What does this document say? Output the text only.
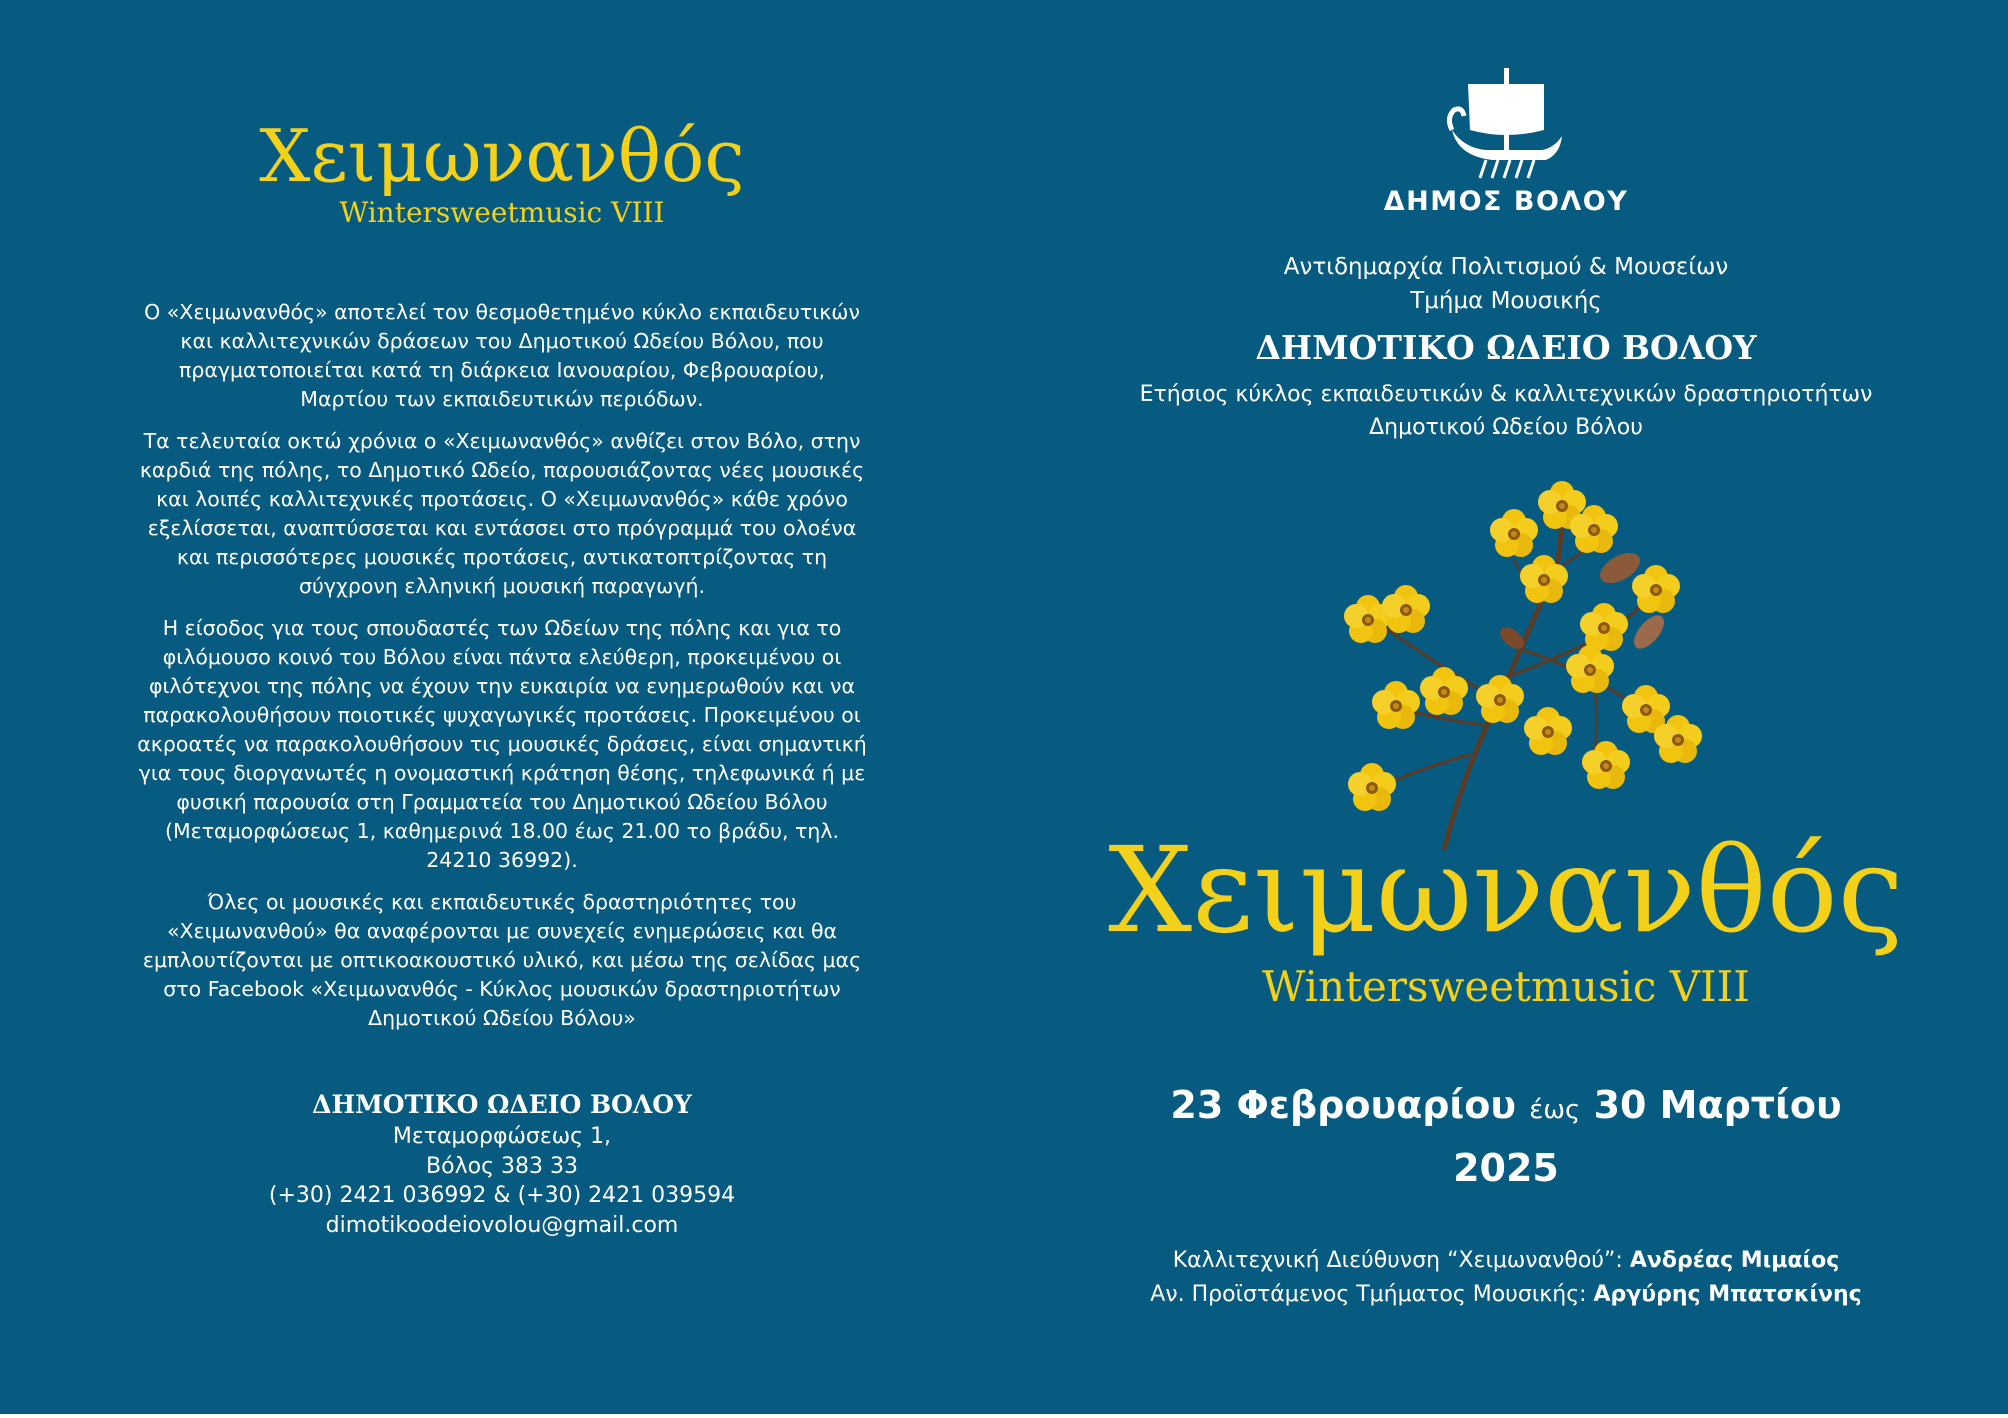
Χειμωνανθός
Wintersweetmusic VIII

Ο «Χειμωνανθός» αποτελεί τον θεσμοθετημένο κύκλο εκπαιδευτικών και καλλιτεχνικών δράσεων του Δημοτικού Ωδείου Βόλου, που πραγματοποιείται κατά τη διάρκεια Ιανουαρίου, Φεβρουαρίου, Μαρτίου των εκπαιδευτικών περιόδων.

Τα τελευταία οκτώ χρόνια ο «Χειμωνανθός» ανθίζει στον Βόλο, στην καρδιά της πόλης, το Δημοτικό Ωδείο, παρουσιάζοντας νέες μουσικές και λοιπές καλλιτεχνικές προτάσεις. Ο «Χειμωνανθός» κάθε χρόνο εξελίσσεται, αναπτύσσεται και εντάσσει στο πρόγραμμά του ολοένα και περισσότερες μουσικές προτάσεις, αντικατοπτρίζοντας τη σύγχρονη ελληνική μουσική παραγωγή.

Η είσοδος για τους σπουδαστές των Ωδείων της πόλης και για το φιλόμουσο κοινό του Βόλου είναι πάντα ελεύθερη, προκειμένου οι φιλότεχνοι της πόλης να έχουν την ευκαιρία να ενημερωθούν και να παρακολουθήσουν ποιοτικές ψυχαγωγικές προτάσεις. Προκειμένου οι ακροατές να παρακολουθήσουν τις μουσικές δράσεις, είναι σημαντική για τους διοργανωτές η ονομαστική κράτηση θέσης, τηλεφωνικά ή με φυσική παρουσία στη Γραμματεία του Δημοτικού Ωδείου Βόλου (Μεταμορφώσεως 1, καθημερινά 18.00 έως 21.00 το βράδυ, τηλ. 24210 36992).

Όλες οι μουσικές και εκπαιδευτικές δραστηριότητες του «Χειμωνανθού» θα αναφέρονται με συνεχείς ενημερώσεις και θα εμπλουτίζονται με οπτικοακουστικό υλικό, και μέσω της σελίδας μας στο Facebook «Χειμωνανθός - Κύκλος μουσικών δραστηριοτήτων Δημοτικού Ωδείου Βόλου»

ΔΗΜΟΤΙΚΟ ΩΔΕΙΟ ΒΟΛΟΥ
Μεταμορφώσεως 1,
Βόλος 383 33
(+30) 2421 036992 & (+30) 2421 039594
dimotikoodeiovolou@gmail.com
ΔΗΜΟΣ ΒΟΛΟΥ
Αντιδημαρχία Πολιτισμού & Μουσείων
Τμήμα Μουσικής
ΔΗΜΟΤΙΚΟ ΩΔΕΙΟ ΒΟΛΟΥ
Ετήσιος κύκλος εκπαιδευτικών & καλλιτεχνικών δραστηριοτήτων
Δημοτικού Ωδείου Βόλου
Χειμωνανθός
Wintersweetmusic VIII
23 Φεβρουαρίου έως 30 Μαρτίου
2025
Καλλιτεχνική Διεύθυνση “Χειμωνανθού”: Ανδρέας Μιμαίος
Αν. Προϊστάμενος Τμήματος Μουσικής: Αργύρης Μπατσκίνης
